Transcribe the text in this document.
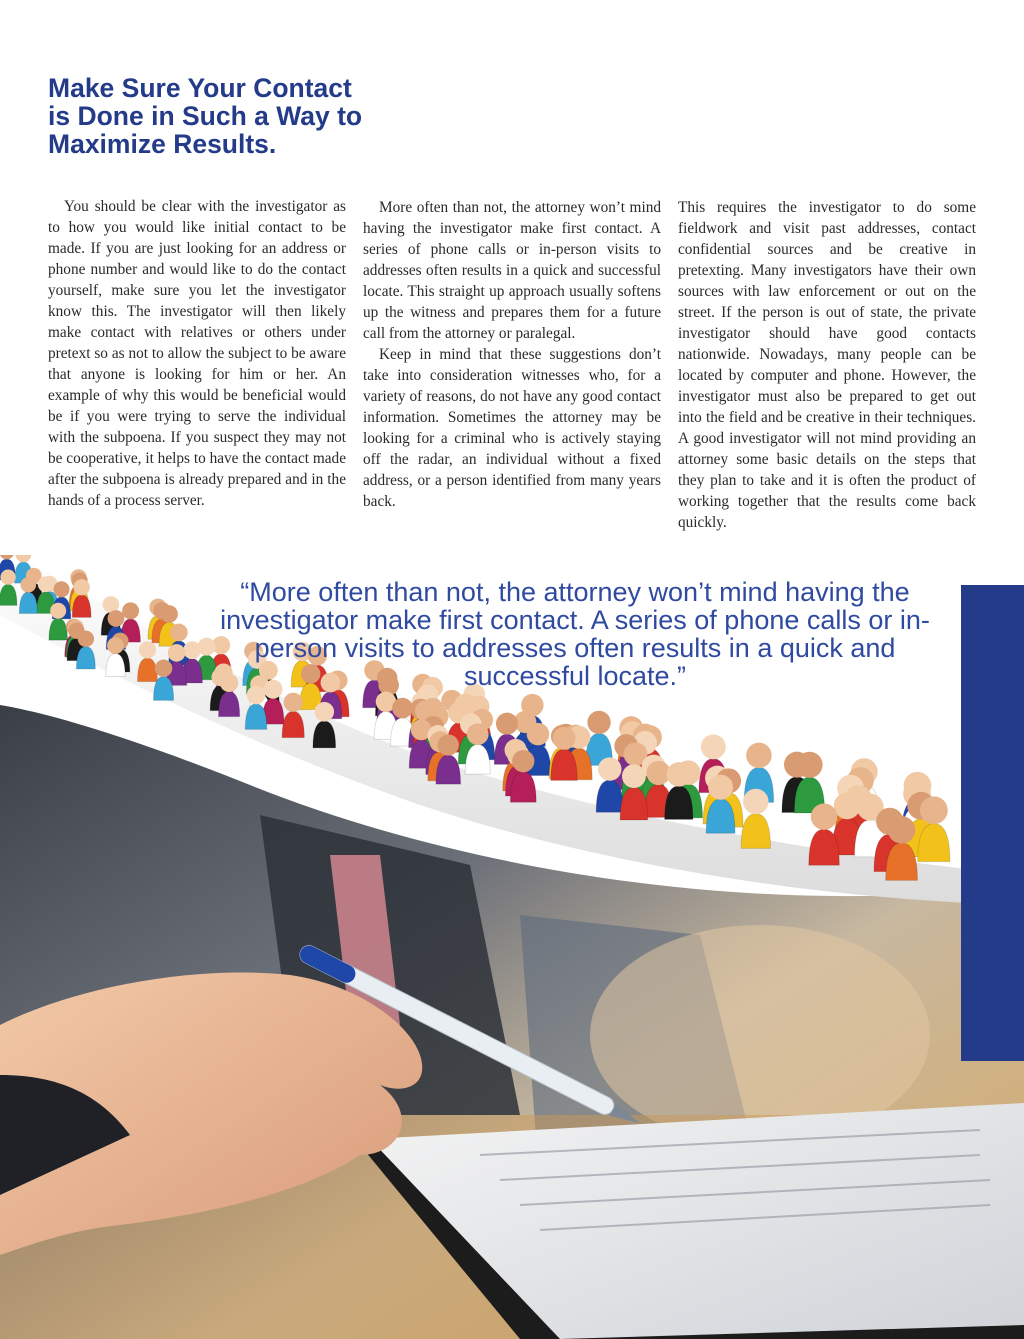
Make Sure Your Contact is Done in Such a Way to Maximize Results.

You should be clear with the investigator as to how you would like initial contact to be made. If you are just looking for an address or phone number and would like to do the contact yourself, make sure you let the investigator know this. The investigator will then likely make contact with relatives or others under pretext so as not to allow the subject to be aware that anyone is looking for him or her. An example of why this would be beneficial would be if you were trying to serve the individual with the subpoena. If you suspect they may not be cooperative, it helps to have the contact made after the subpoena is already prepared and in the hands of a process server.

More often than not, the attorney won’t mind having the investigator make first contact. A series of phone calls or in-person visits to addresses often results in a quick and successful locate. This straight up approach usually softens up the witness and prepares them for a future call from the attorney or paralegal.

Keep in mind that these suggestions don’t take into consideration witnesses who, for a variety of reasons, do not have any good contact information. Sometimes the attorney may be looking for a criminal who is actively staying off the radar, an individual without a fixed address, or a person identified from many years back.

This requires the investigator to do some fieldwork and visit past addresses, contact confidential sources and be creative in pretexting. Many investigators have their own sources with law enforcement or out on the street. If the person is out of state, the private investigator should have good contacts nationwide. Nowadays, many people can be located by computer and phone. However, the investigator must also be prepared to get out into the field and be creative in their techniques. A good investigator will not mind providing an attorney some basic details on the steps that they plan to take and it is often the product of working together that the results come back quickly.

“More often than not, the attorney won’t mind having the investigator make first contact. A series of phone calls or in-person visits to addresses often results in a quick and successful locate.”
